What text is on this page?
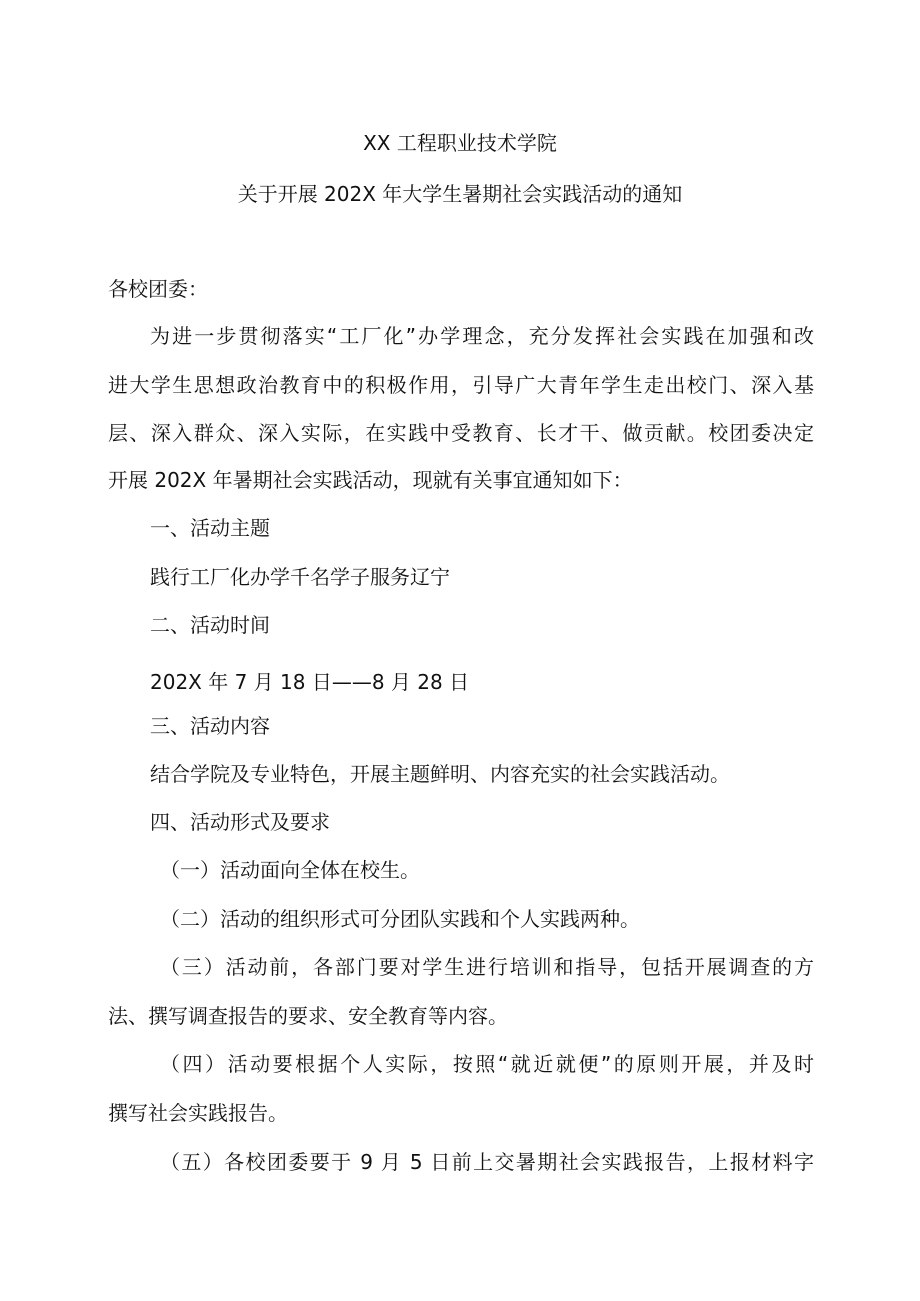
XX 工程职业技术学院

关于开展 202X 年大学生暑期社会实践活动的通知

各校团委：

为进一步贯彻落实“工厂化”办学理念，充分发挥社会实践在加强和改

进大学生思想政治教育中的积极作用，引导广大青年学生走出校门、深入基

层、深入群众、深入实际，在实践中受教育、长才干、做贡献。校团委决定

开展 202X 年暑期社会实践活动，现就有关事宜通知如下：

一、活动主题

践行工厂化办学千名学子服务辽宁

二、活动时间

202X 年 7 月 18 日——8 月 28 日

三、活动内容

结合学院及专业特色，开展主题鲜明、内容充实的社会实践活动。

四、活动形式及要求

（一）活动面向全体在校生。

（二）活动的组织形式可分团队实践和个人实践两种。

（三）活动前，各部门要对学生进行培训和指导，包括开展调查的方

法、撰写调查报告的要求、安全教育等内容。

（四）活动要根据个人实际，按照“就近就便”的原则开展，并及时

撰写社会实践报告。

（五）各校团委要于 9 月 5 日前上交暑期社会实践报告，上报材料字
